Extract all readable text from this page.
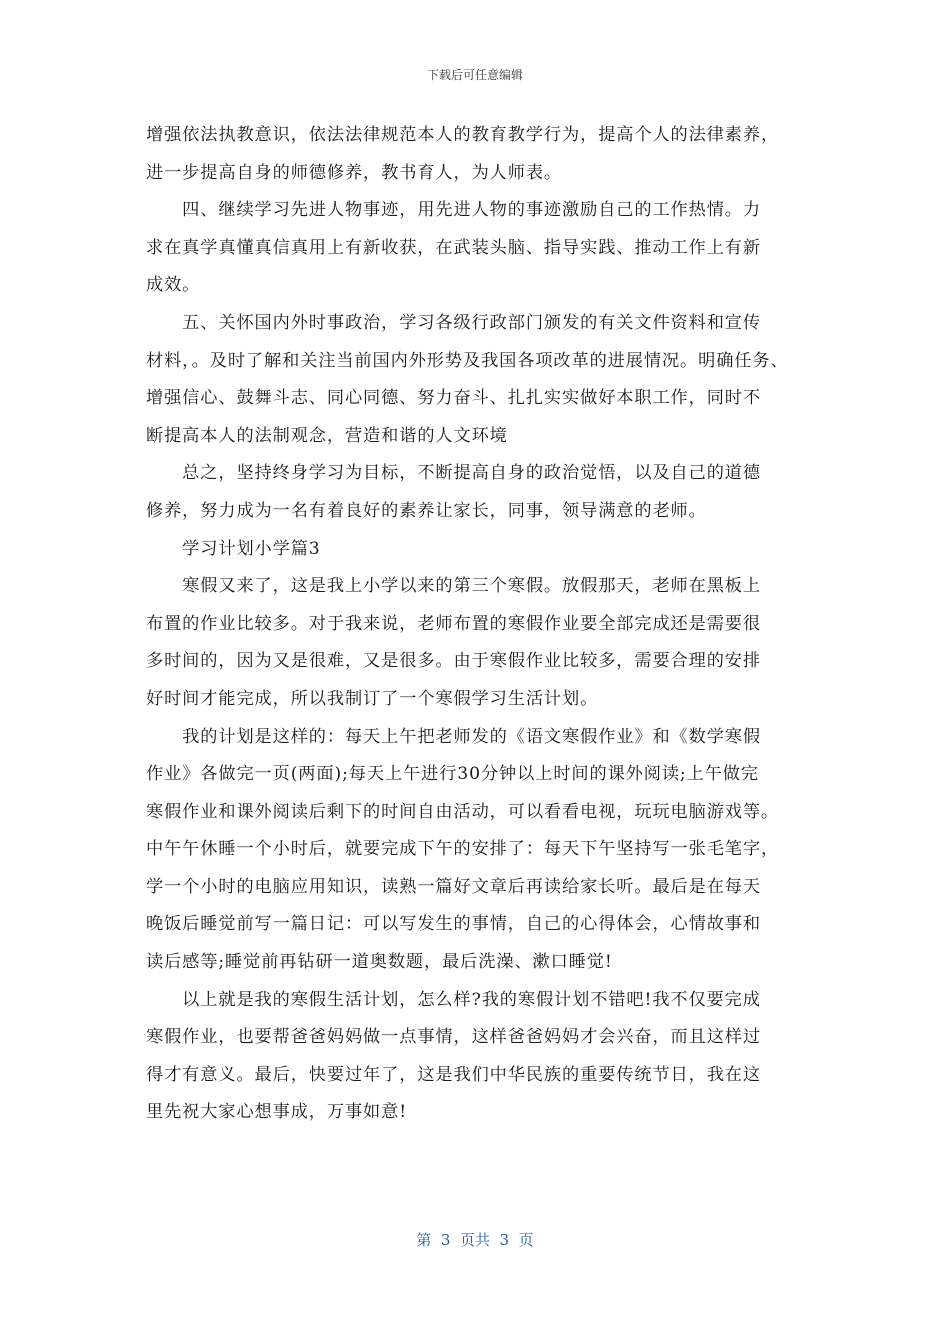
下载后可任意编辑

增强依法执教意识，依法法律规范本人的教育教学行为，提高个人的法律素养，

进一步提高自身的师德修养，教书育人，为人师表。

　　四、继续学习先进人物事迹，用先进人物的事迹激励自己的工作热情。力

求在真学真懂真信真用上有新收获，在武装头脑、指导实践、推动工作上有新

成效。

　　五、关怀国内外时事政治，学习各级行政部门颁发的有关文件资料和宣传

材料，。及时了解和关注当前国内外形势及我国各项改革的进展情况。明确任务、

增强信心、鼓舞斗志、同心同德、努力奋斗、扎扎实实做好本职工作，同时不

断提高本人的法制观念，营造和谐的人文环境

　　总之，坚持终身学习为目标，不断提高自身的政治觉悟，以及自己的道德

修养，努力成为一名有着良好的素养让家长，同事，领导满意的老师。

　　学习计划小学篇3

　　寒假又来了，这是我上小学以来的第三个寒假。放假那天，老师在黑板上

布置的作业比较多。对于我来说，老师布置的寒假作业要全部完成还是需要很

多时间的，因为又是很难，又是很多。由于寒假作业比较多，需要合理的安排

好时间才能完成，所以我制订了一个寒假学习生活计划。

　　我的计划是这样的：每天上午把老师发的《语文寒假作业》和《数学寒假

作业》各做完一页(两面);每天上午进行30分钟以上时间的课外阅读;上午做完

寒假作业和课外阅读后剩下的时间自由活动，可以看看电视，玩玩电脑游戏等。

中午午休睡一个小时后，就要完成下午的安排了：每天下午坚持写一张毛笔字，

学一个小时的电脑应用知识，读熟一篇好文章后再读给家长听。最后是在每天

晚饭后睡觉前写一篇日记：可以写发生的事情，自己的心得体会，心情故事和

读后感等;睡觉前再钻研一道奥数题，最后洗澡、漱口睡觉!

　　以上就是我的寒假生活计划，怎么样?我的寒假计划不错吧!我不仅要完成

寒假作业，也要帮爸爸妈妈做一点事情，这样爸爸妈妈才会兴奋，而且这样过

得才有意义。最后，快要过年了，这是我们中华民族的重要传统节日，我在这

里先祝大家心想事成，万事如意!

第  3  页共  3  页
